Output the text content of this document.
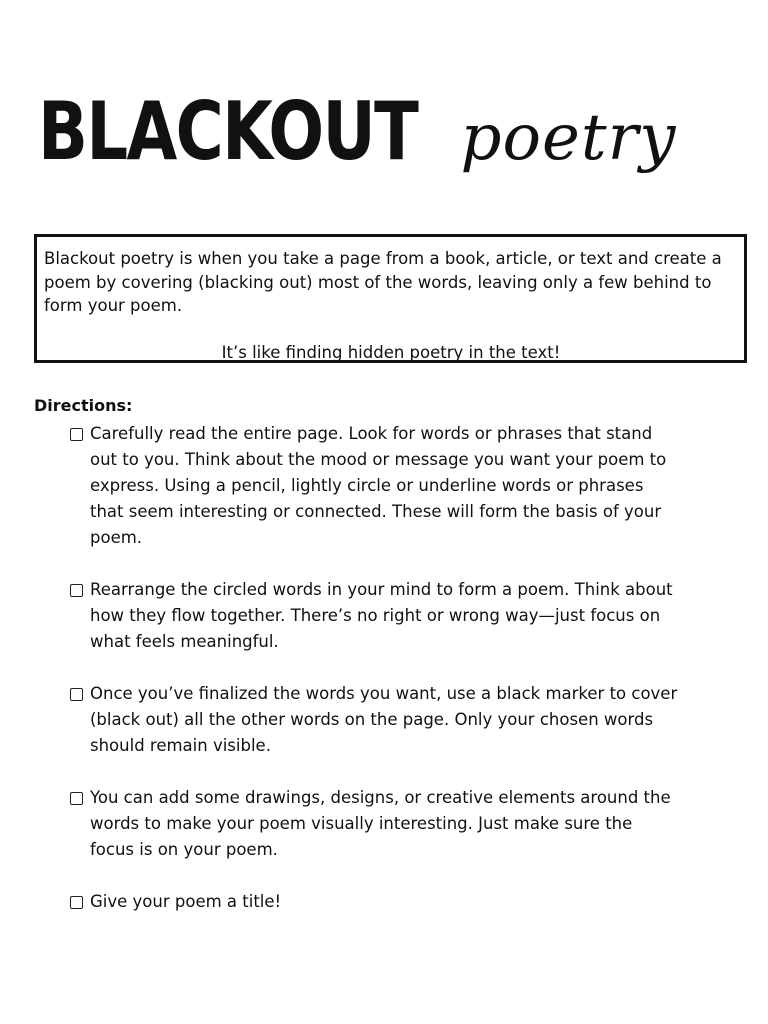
BLACKOUT poetry

Blackout poetry is when you take a page from a book, article, or text and create a poem by covering (blacking out) most of the words, leaving only a few behind to form your poem.

It’s like finding hidden poetry in the text!

Directions:
Carefully read the entire page. Look for words or phrases that stand out to you. Think about the mood or message you want your poem to express. Using a pencil, lightly circle or underline words or phrases that seem interesting or connected. These will form the basis of your poem.
Rearrange the circled words in your mind to form a poem. Think about how they flow together. There’s no right or wrong way—just focus on what feels meaningful.
Once you’ve finalized the words you want, use a black marker to cover (black out) all the other words on the page. Only your chosen words should remain visible.
You can add some drawings, designs, or creative elements around the words to make your poem visually interesting. Just make sure the focus is on your poem.
Give your poem a title!
